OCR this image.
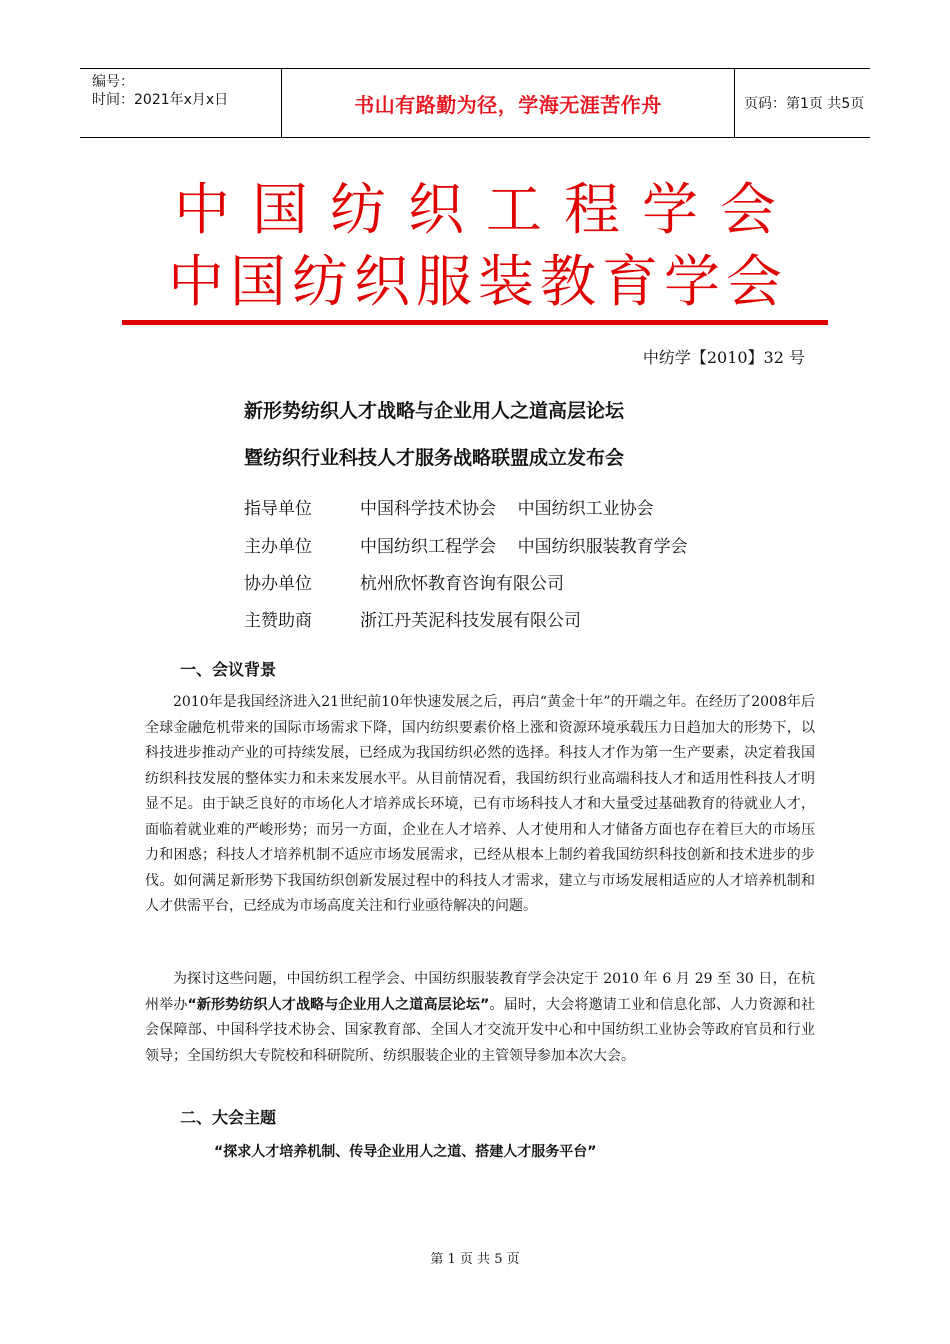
编号：
时间：2021年x月x日	书山有路勤为径，学海无涯苦作舟	页码：第1页 共5页
中国纺织工程学会
中国纺织服装教育学会
中纺学【2010】32 号
新形势纺织人才战略与企业用人之道高层论坛
暨纺织行业科技人才服务战略联盟成立发布会
指导单位	中国科学技术协会    中国纺织工业协会
主办单位	中国纺织工程学会    中国纺织服装教育学会
协办单位	杭州欣怀教育咨询有限公司
主赞助商	浙江丹芙泥科技发展有限公司
一、会议背景
2010年是我国经济进入21世纪前10年快速发展之后，再启“黄金十年”的开端之年。在经历了2008年后全球金融危机带来的国际市场需求下降，国内纺织要素价格上涨和资源环境承载压力日趋加大的形势下，以科技进步推动产业的可持续发展，已经成为我国纺织必然的选择。科技人才作为第一生产要素，决定着我国纺织科技发展的整体实力和未来发展水平。从目前情况看，我国纺织行业高端科技人才和适用性科技人才明显不足。由于缺乏良好的市场化人才培养成长环境，已有市场科技人才和大量受过基础教育的待就业人才，面临着就业难的严峻形势；而另一方面，企业在人才培养、人才使用和人才储备方面也存在着巨大的市场压力和困惑；科技人才培养机制不适应市场发展需求，已经从根本上制约着我国纺织科技创新和技术进步的步伐。如何满足新形势下我国纺织创新发展过程中的科技人才需求，建立与市场发展相适应的人才培养机制和人才供需平台，已经成为市场高度关注和行业亟待解决的问题。
为探讨这些问题，中国纺织工程学会、中国纺织服装教育学会决定于 2010 年 6 月 29 至 30 日，在杭州举办“新形势纺织人才战略与企业用人之道高层论坛”。届时，大会将邀请工业和信息化部、人力资源和社会保障部、中国科学技术协会、国家教育部、全国人才交流开发中心和中国纺织工业协会等政府官员和行业领导；全国纺织大专院校和科研院所、纺织服装企业的主管领导参加本次大会。
二、大会主题
“探求人才培养机制、传导企业用人之道、搭建人才服务平台”
第 1 页 共 5 页
